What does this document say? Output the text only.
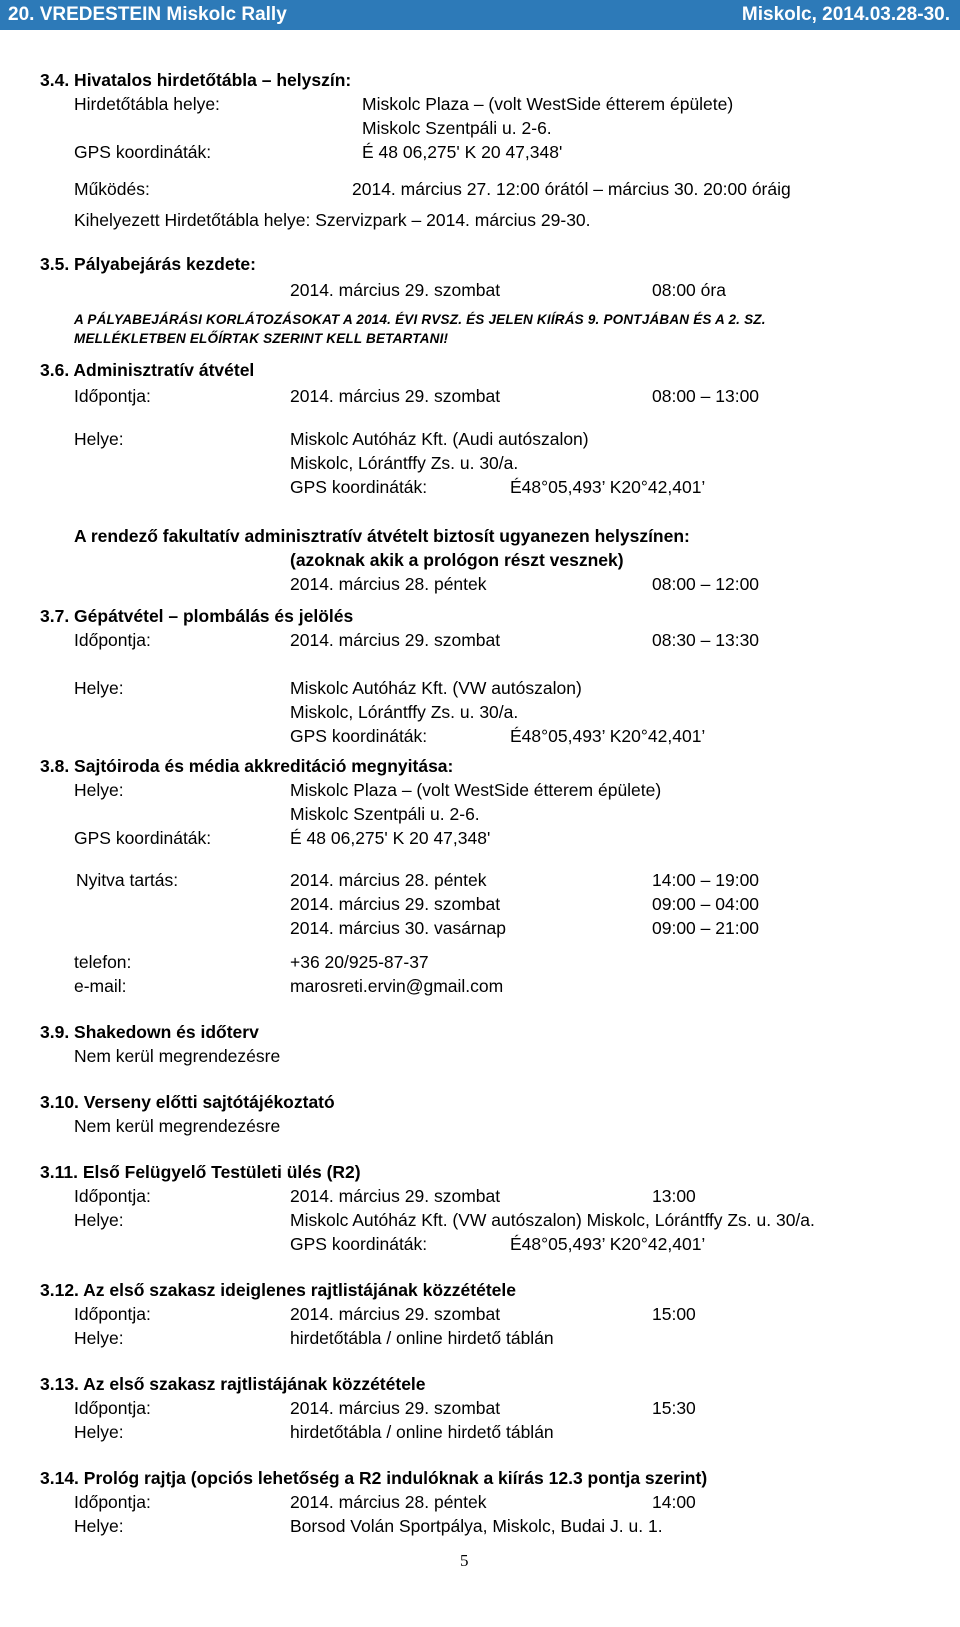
20. VREDESTEIN Miskolc Rally	Miskolc, 2014.03.28-30.
3.4. Hivatalos hirdetőtábla – helyszín:
Hirdetőtábla helye:	Miskolc Plaza – (volt WestSide étterem épülete)
Miskolc Szentpáli u. 2-6.
GPS koordináták:	É 48 06,275' K 20 47,348'
Működés:	2014. március 27. 12:00 órától – március 30. 20:00 óráig
Kihelyezett Hirdetőtábla helye: Szervizpark – 2014. március 29-30.
3.5. Pályabejárás kezdete:
2014. március 29. szombat	08:00 óra
A PÁLYABEJÁRÁSI KORLÁTOZÁSOKAT A 2014. ÉVI RVSZ. ÉS JELEN KIÍRÁS 9. PONTJÁBAN ÉS A 2. SZ.
MELLÉKLETBEN ELŐÍRTAK SZERINT KELL BETARTANI!
3.6. Adminisztratív átvétel
Időpontja:	2014. március 29. szombat	08:00 – 13:00
Helye:	Miskolc Autóház Kft. (Audi autószalon)
Miskolc, Lórántffy Zs. u. 30/a.
GPS koordináták:	É48°05,493’ K20°42,401’
A rendező fakultatív adminisztratív átvételt biztosít ugyanezen helyszínen:
(azoknak akik a prológon részt vesznek)
2014. március 28. péntek	08:00 – 12:00
3.7. Gépátvétel – plombálás és jelölés
Időpontja:	2014. március 29. szombat	08:30 – 13:30
Helye:	Miskolc Autóház Kft. (VW autószalon)
Miskolc, Lórántffy Zs. u. 30/a.
GPS koordináták:	É48°05,493’ K20°42,401’
3.8. Sajtóiroda és média akkreditáció megnyitása:
Helye:	Miskolc Plaza – (volt WestSide étterem épülete)
Miskolc Szentpáli u. 2-6.
GPS koordináták:	É 48 06,275' K 20 47,348'
Nyitva tartás:	2014. március 28. péntek	14:00 – 19:00
2014. március 29. szombat	09:00 – 04:00
2014. március 30. vasárnap	09:00 – 21:00
telefon:	+36 20/925-87-37
e-mail:	marosreti.ervin@gmail.com
3.9. Shakedown és időterv
Nem kerül megrendezésre
3.10. Verseny előtti sajtótájékoztató
Nem kerül megrendezésre
3.11. Első Felügyelő Testületi ülés (R2)
Időpontja:	2014. március 29. szombat	13:00
Helye:	Miskolc Autóház Kft. (VW autószalon) Miskolc, Lórántffy Zs. u. 30/a.
GPS koordináták:	É48°05,493’ K20°42,401’
3.12. Az első szakasz ideiglenes rajtlistájának közzététele
Időpontja:	2014. március 29. szombat	15:00
Helye:	hirdetőtábla / online hirdető táblán
3.13. Az első szakasz rajtlistájának közzététele
Időpontja:	2014. március 29. szombat	15:30
Helye:	hirdetőtábla / online hirdető táblán
3.14. Prológ rajtja (opciós lehetőség a R2 indulóknak a kiírás 12.3 pontja szerint)
Időpontja:	2014. március 28. péntek	14:00
Helye:	Borsod Volán Sportpálya, Miskolc, Budai J. u. 1.
5
